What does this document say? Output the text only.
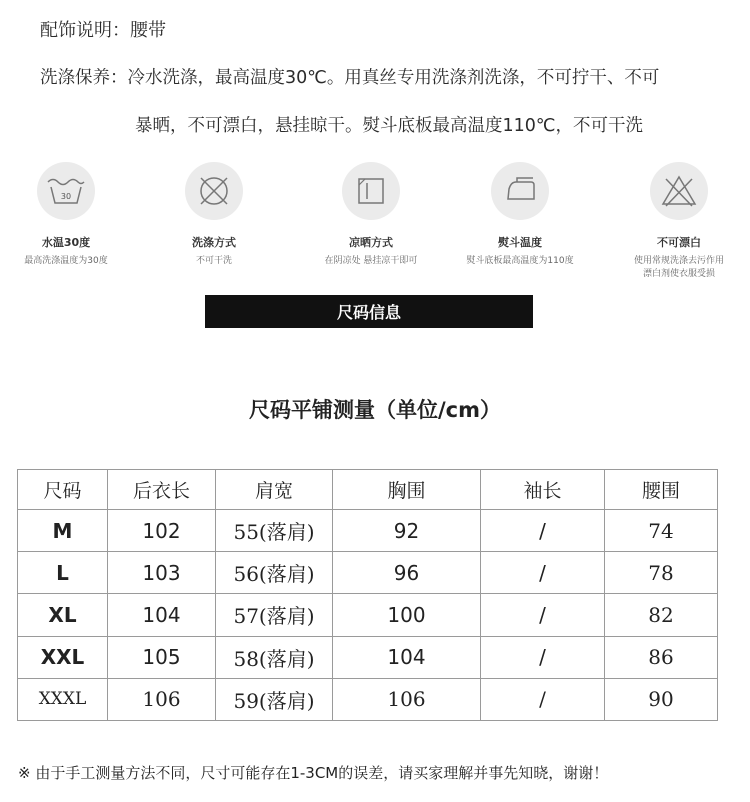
配饰说明：腰带
洗涤保养：冷水洗涤，最高温度30℃。用真丝专用洗涤剂洗涤，不可拧干、不可
暴晒，不可漂白，悬挂晾干。熨斗底板最高温度110℃，不可干洗
30
水温30度
最高洗涤温度为30度
洗涤方式
不可干洗
凉晒方式
在阴凉处 悬挂凉干即可
熨斗温度
熨斗底板最高温度为110度
不可漂白
使用常规洗涤去污作用
漂白剂使衣服受损
尺码信息
尺码平铺测量（单位/cm）
尺码	后衣长	肩宽	胸围	袖长	腰围
M	102	55(落肩)	92	/	74
L	103	56(落肩)	96	/	78
XL	104	57(落肩)	100	/	82
XXL	105	58(落肩)	104	/	86
XXXL	106	59(落肩)	106	/	90
※ 由于手工测量方法不同，尺寸可能存在1-3CM的误差，请买家理解并事先知晓，谢谢！
